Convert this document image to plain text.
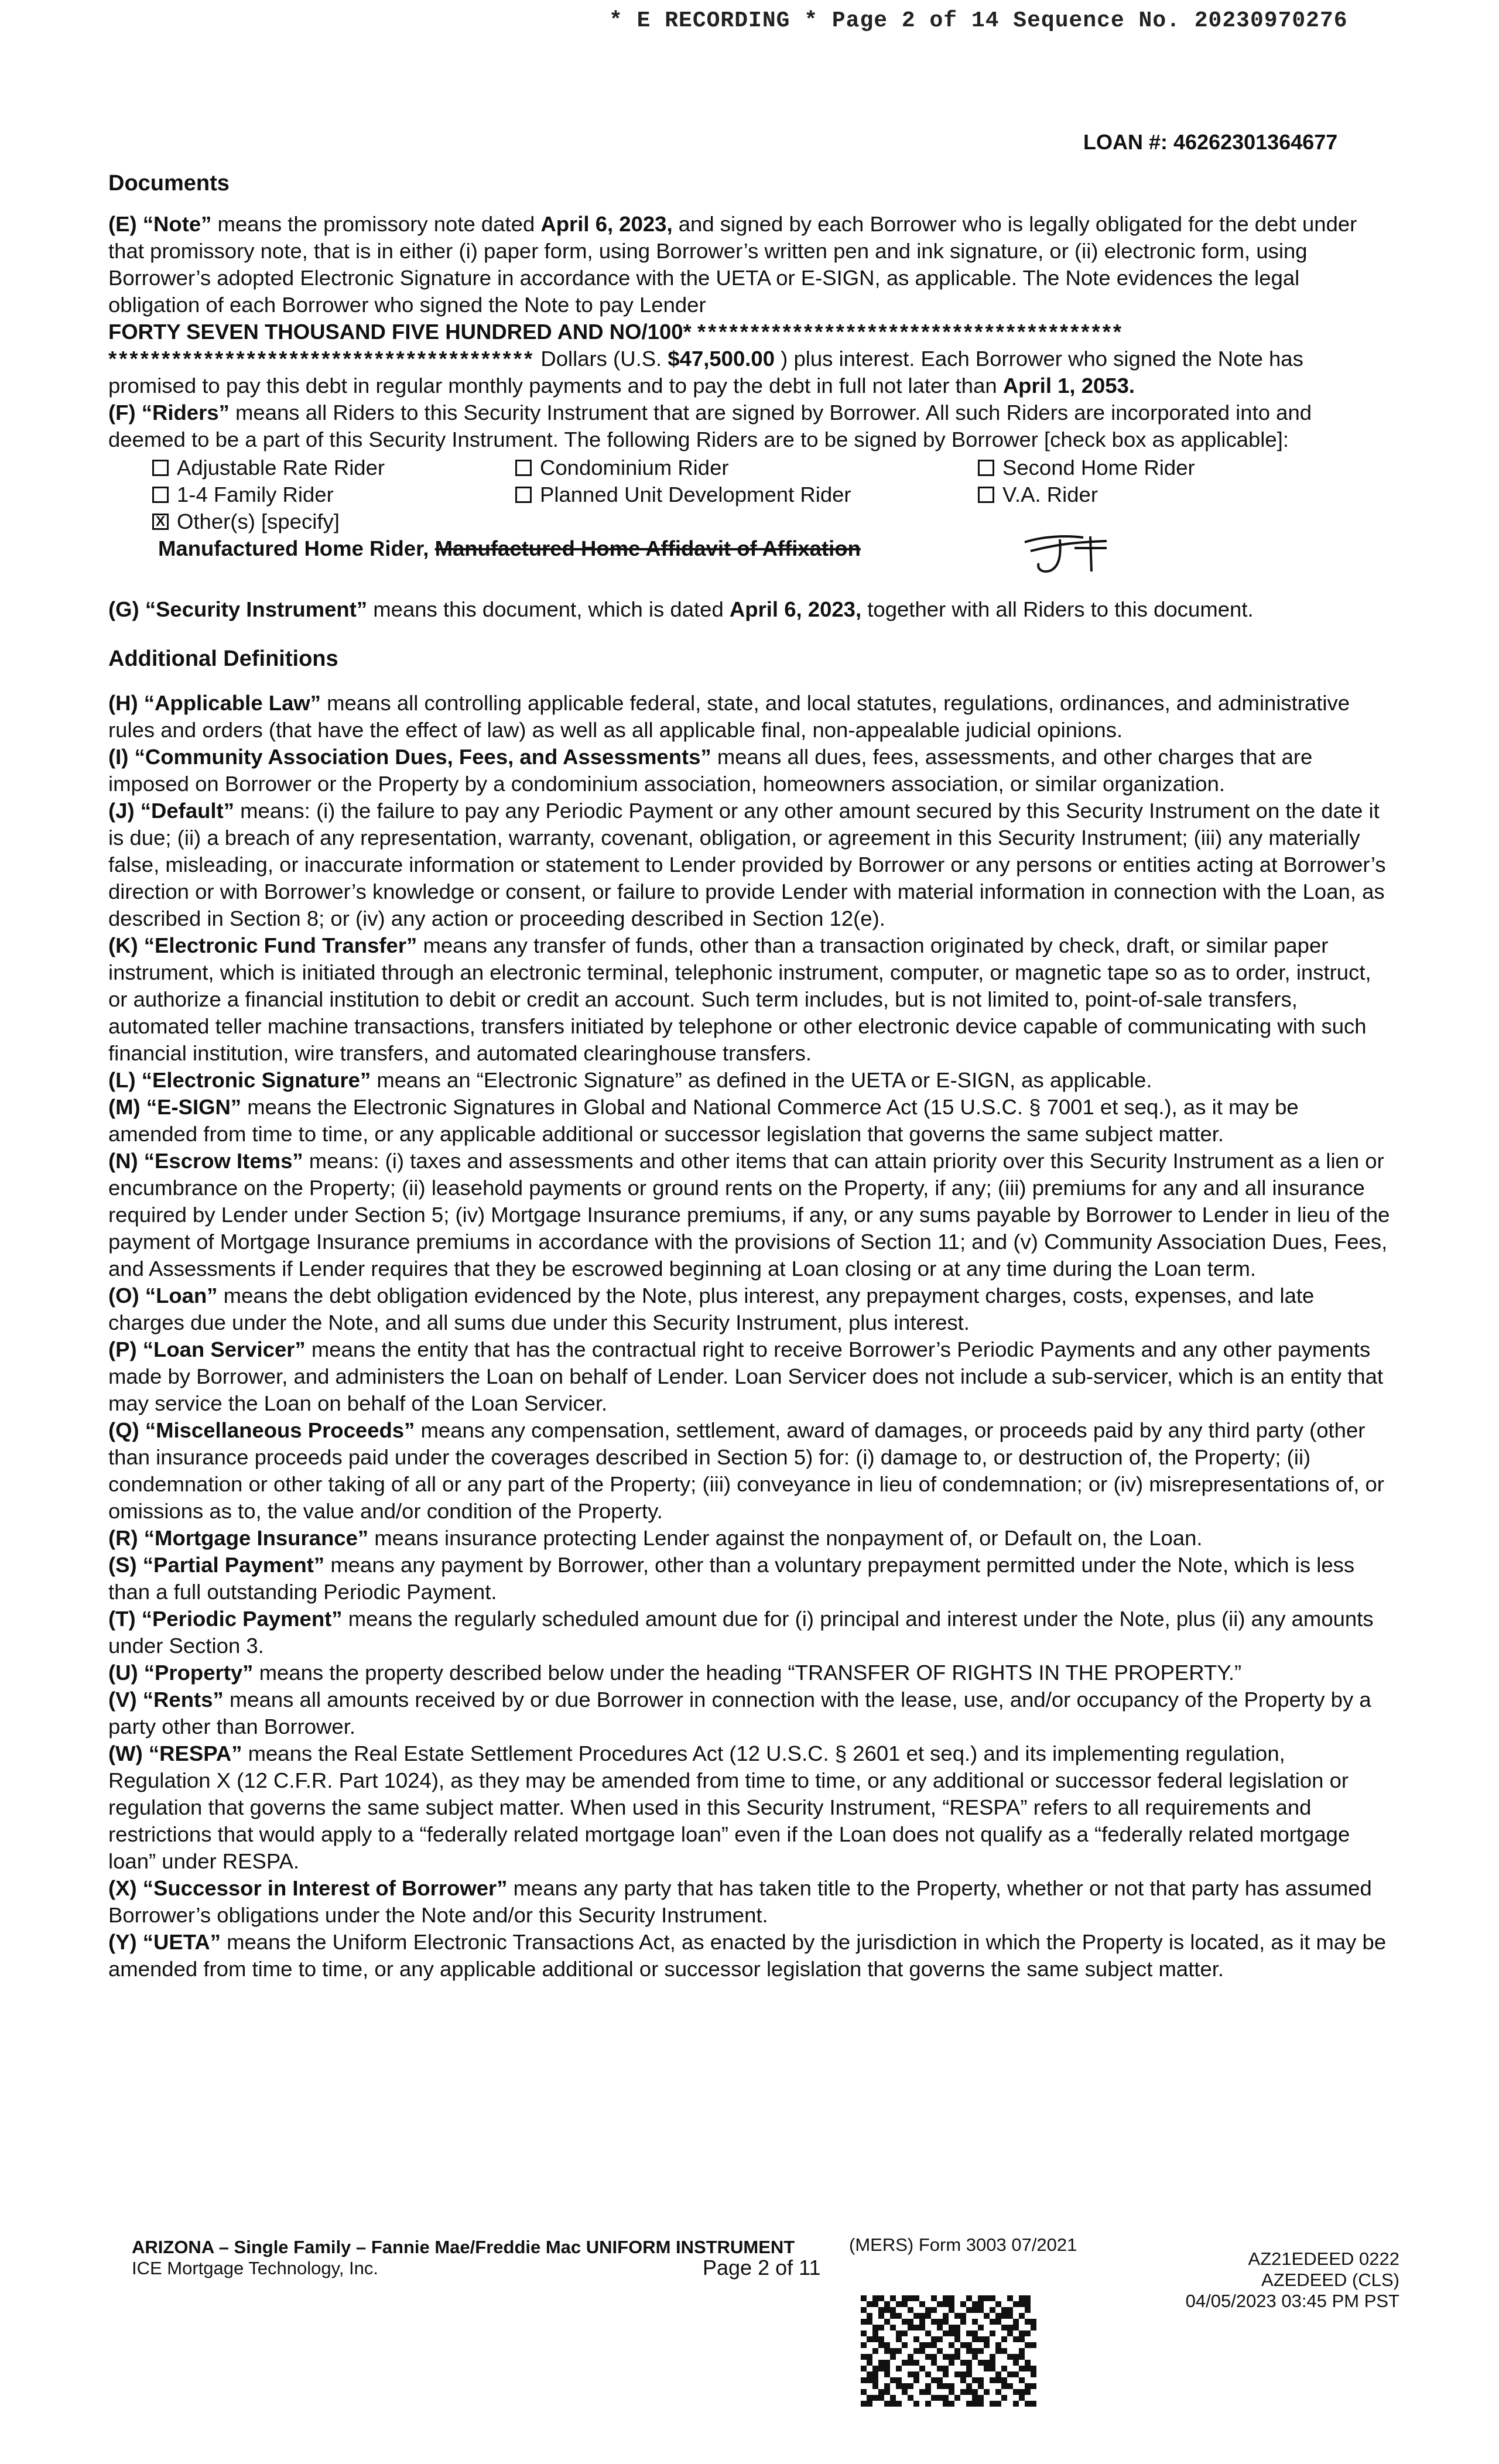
* E RECORDING * Page 2 of 14 Sequence No. 20230970276
LOAN #: 46262301364677
Documents

(E) “Note” means the promissory note dated April 6, 2023, and signed by each Borrower who is legally obligated for the debt under that promissory note, that is in either (i) paper form, using Borrower’s written pen and ink signature, or (ii) electronic form, using Borrower’s adopted Electronic Signature in accordance with the UETA or E-SIGN, as applicable. The Note evidences the legal obligation of each Borrower who signed the Note to pay Lender
FORTY SEVEN THOUSAND FIVE HUNDRED AND NO/100* ****************************************
**************************************** Dollars (U.S. $47,500.00 ) plus interest. Each Borrower who signed the Note has promised to pay this debt in regular monthly payments and to pay the debt in full not later than April 1, 2053.

(F) “Riders” means all Riders to this Security Instrument that are signed by Borrower. All such Riders are incorporated into and deemed to be a part of this Security Instrument. The following Riders are to be signed by Borrower [check box as applicable]:

Adjustable Rate Rider	Condominium Rider	Second Home Rider
1-4 Family Rider	Planned Unit Development Rider	V.A. Rider
X Other(s) [specify]
Manufactured Home Rider, Manufactured Home Affidavit of Affixation

(G) “Security Instrument” means this document, which is dated April 6, 2023, together with all Riders to this document.

Additional Definitions

(H) “Applicable Law” means all controlling applicable federal, state, and local statutes, regulations, ordinances, and administrative rules and orders (that have the effect of law) as well as all applicable final, non-appealable judicial opinions.

(I) “Community Association Dues, Fees, and Assessments” means all dues, fees, assessments, and other charges that are imposed on Borrower or the Property by a condominium association, homeowners association, or similar organization.

(J) “Default” means: (i) the failure to pay any Periodic Payment or any other amount secured by this Security Instrument on the date it is due; (ii) a breach of any representation, warranty, covenant, obligation, or agreement in this Security Instrument; (iii) any materially false, misleading, or inaccurate information or statement to Lender provided by Borrower or any persons or entities acting at Borrower’s direction or with Borrower’s knowledge or consent, or failure to provide Lender with material information in connection with the Loan, as described in Section 8; or (iv) any action or proceeding described in Section 12(e).

(K) “Electronic Fund Transfer” means any transfer of funds, other than a transaction originated by check, draft, or similar paper instrument, which is initiated through an electronic terminal, telephonic instrument, computer, or magnetic tape so as to order, instruct, or authorize a financial institution to debit or credit an account. Such term includes, but is not limited to, point-of-sale transfers, automated teller machine transactions, transfers initiated by telephone or other electronic device capable of communicating with such financial institution, wire transfers, and automated clearinghouse transfers.

(L) “Electronic Signature” means an “Electronic Signature” as defined in the UETA or E-SIGN, as applicable.

(M) “E-SIGN” means the Electronic Signatures in Global and National Commerce Act (15 U.S.C. § 7001 et seq.), as it may be amended from time to time, or any applicable additional or successor legislation that governs the same subject matter.

(N) “Escrow Items” means: (i) taxes and assessments and other items that can attain priority over this Security Instrument as a lien or encumbrance on the Property; (ii) leasehold payments or ground rents on the Property, if any; (iii) premiums for any and all insurance required by Lender under Section 5; (iv) Mortgage Insurance premiums, if any, or any sums payable by Borrower to Lender in lieu of the payment of Mortgage Insurance premiums in accordance with the provisions of Section 11; and (v) Community Association Dues, Fees, and Assessments if Lender requires that they be escrowed beginning at Loan closing or at any time during the Loan term.

(O) “Loan” means the debt obligation evidenced by the Note, plus interest, any prepayment charges, costs, expenses, and late charges due under the Note, and all sums due under this Security Instrument, plus interest.

(P) “Loan Servicer” means the entity that has the contractual right to receive Borrower’s Periodic Payments and any other payments made by Borrower, and administers the Loan on behalf of Lender. Loan Servicer does not include a sub-servicer, which is an entity that may service the Loan on behalf of the Loan Servicer.

(Q) “Miscellaneous Proceeds” means any compensation, settlement, award of damages, or proceeds paid by any third party (other than insurance proceeds paid under the coverages described in Section 5) for: (i) damage to, or destruction of, the Property; (ii) condemnation or other taking of all or any part of the Property; (iii) conveyance in lieu of condemnation; or (iv) misrepresentations of, or omissions as to, the value and/or condition of the Property.

(R) “Mortgage Insurance” means insurance protecting Lender against the nonpayment of, or Default on, the Loan.

(S) “Partial Payment” means any payment by Borrower, other than a voluntary prepayment permitted under the Note, which is less than a full outstanding Periodic Payment.

(T) “Periodic Payment” means the regularly scheduled amount due for (i) principal and interest under the Note, plus (ii) any amounts under Section 3.

(U) “Property” means the property described below under the heading “TRANSFER OF RIGHTS IN THE PROPERTY.”

(V) “Rents” means all amounts received by or due Borrower in connection with the lease, use, and/or occupancy of the Property by a party other than Borrower.

(W) “RESPA” means the Real Estate Settlement Procedures Act (12 U.S.C. § 2601 et seq.) and its implementing regulation, Regulation X (12 C.F.R. Part 1024), as they may be amended from time to time, or any additional or successor federal legislation or regulation that governs the same subject matter. When used in this Security Instrument, “RESPA” refers to all requirements and restrictions that would apply to a “federally related mortgage loan” even if the Loan does not qualify as a “federally related mortgage loan” under RESPA.

(X) “Successor in Interest of Borrower” means any party that has taken title to the Property, whether or not that party has assumed Borrower’s obligations under the Note and/or this Security Instrument.

(Y) “UETA” means the Uniform Electronic Transactions Act, as enacted by the jurisdiction in which the Property is located, as it may be amended from time to time, or any applicable additional or successor legislation that governs the same subject matter.

ARIZONA – Single Family – Fannie Mae/Freddie Mac UNIFORM INSTRUMENT
ICE Mortgage Technology, Inc.
(MERS) Form 3003 07/2021
Page 2 of 11	AZ21EDEED 0222
AZEDEED (CLS)
04/05/2023 03:45 PM PST
